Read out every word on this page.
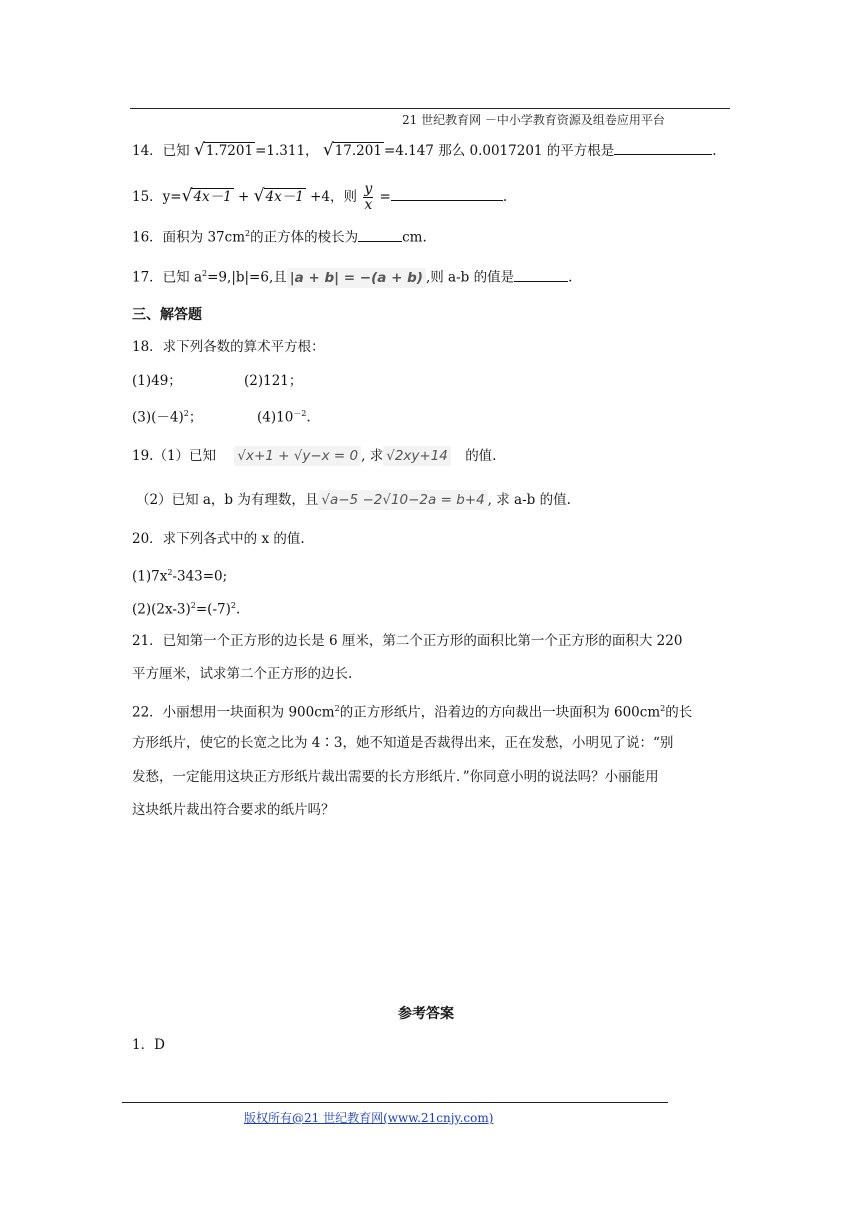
21 世纪教育网 －中小学教育资源及组卷应用平台
14．已知 √1.7201 =1.311， √17.201 =4.147 那么 0.0017201 的平方根是	.
15．y=√4x－1 + √4x－1 +4，则 $\frac{y}{x}$ =	.
16．面积为 $37cm^2$的正方体的棱长为	cm.
17．已知 $a^2=9,|b|=6$,且 |a + b| = −(a + b) ,则 a-b 的值是	.
三、解答题
18．求下列各数的算术平方根：
(1)49；	(2)121；
$(3)(-4)^2$；	$(4)10^{-2}$.
19.（1）已知 √x+1 + √y−x = 0 , 求 √2xy+14 的值.
（2）已知 a，b 为有理数，且 √a−5 −2√10−2a = b+4 , 求 a-b 的值.
20．求下列各式中的 x 的值.
$(1)7x^2-343=0$;
$(2)(2x-3)^2=(-7)^2$.
21．已知第一个正方形的边长是 6 厘米，第二个正方形的面积比第一个正方形的面积大 220
平方厘米，试求第二个正方形的边长.
22．小丽想用一块面积为 $900cm^2$的正方形纸片，沿着边的方向裁出一块面积为 $600cm^2$的长
方形纸片，使它的长宽之比为 4∶3，她不知道是否裁得出来，正在发愁，小明见了说：“别
发愁，一定能用这块正方形纸片裁出需要的长方形纸片．”你同意小明的说法吗？小丽能用
这块纸片裁出符合要求的纸片吗？
参考答案
1．D
版权所有@21 世纪教育网(www.21cnjy.com)
